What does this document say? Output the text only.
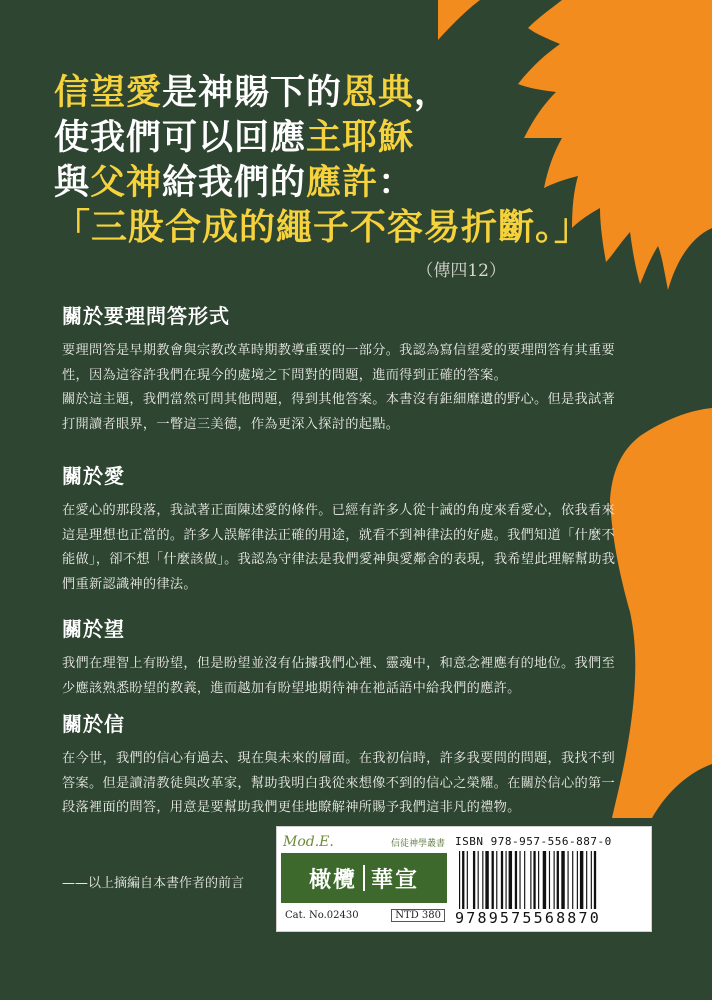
信望愛是神賜下的恩典，
使我們可以回應主耶穌
與父神給我們的應許：
「三股合成的繩子不容易折斷。」
（傳四12）
關於要理問答形式

要理問答是早期教會與宗教改革時期教導重要的一部分。我認為寫信望愛的要理問答有其重要性，因為這容許我們在現今的處境之下問對的問題，進而得到正確的答案。

關於這主題，我們當然可問其他問題，得到其他答案。本書沒有鉅細靡遺的野心。但是我試著打開讀者眼界，一瞥這三美德，作為更深入探討的起點。

關於愛

在愛心的那段落，我試著正面陳述愛的條件。已經有許多人從十誡的角度來看愛心，依我看來這是理想也正當的。許多人誤解律法正確的用途，就看不到神律法的好處。我們知道「什麼不能做」，卻不想「什麼該做」。我認為守律法是我們愛神與愛鄰舍的表現，我希望此理解幫助我們重新認識神的律法。

關於望

我們在理智上有盼望，但是盼望並沒有佔據我們心裡、靈魂中，和意念裡應有的地位。我們至少應該熟悉盼望的教義，進而越加有盼望地期待神在祂話語中給我們的應許。

關於信

在今世，我們的信心有過去、現在與未來的層面。在我初信時，許多我要問的問題，我找不到答案。但是讀清教徒與改革家，幫助我明白我從來想像不到的信心之榮耀。在關於信心的第一段落裡面的問答，用意是要幫助我們更佳地瞭解神所賜予我們這非凡的禮物。

——以上摘編自本書作者的前言
Mod.E.	信徒神學叢書
橄欖 華宣
Cat. No.02430	NTD 380
ISBN 978-957-556-887-0
9789575568870
